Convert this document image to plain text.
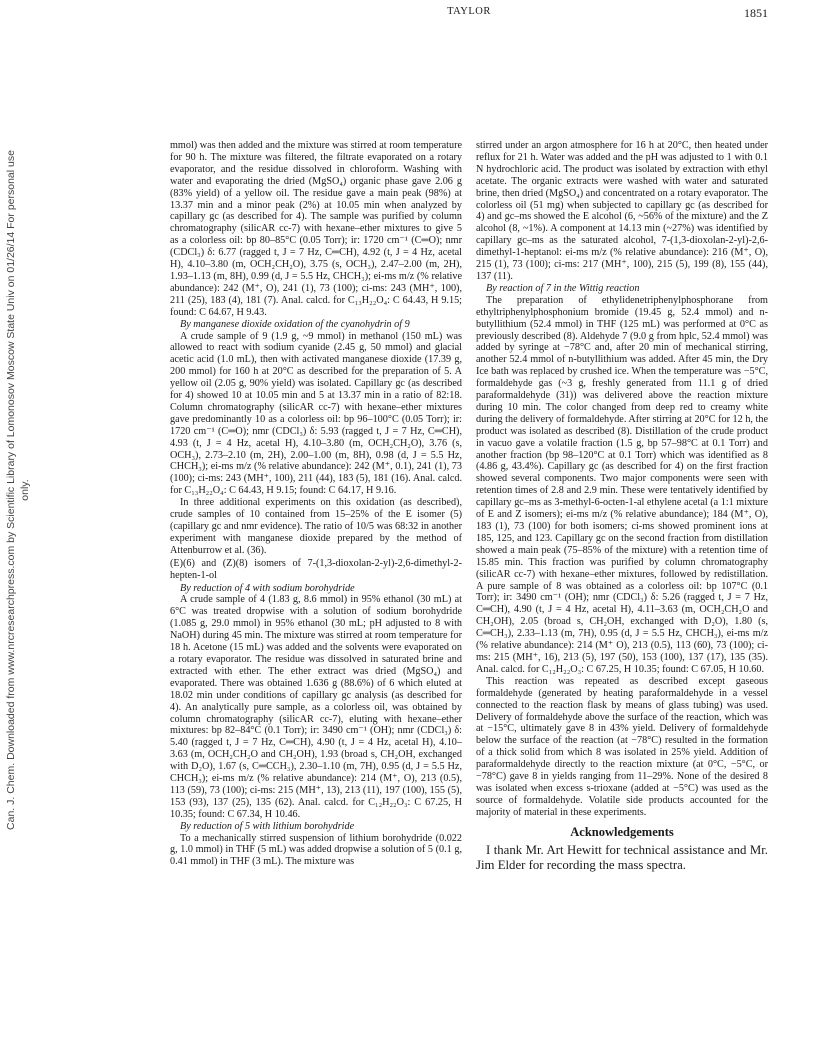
Can. J. Chem. Downloaded from www.nrcresearchpress.com by Scientific Library of Lomonosov Moscow State Univ on 01/26/14 For personal use only.
TAYLOR	1851

mmol) was then added and the mixture was stirred at room temperature for 90 h. The mixture was filtered, the filtrate evaporated on a rotary evaporator, and the residue dissolved in chloroform. Washing with water and evaporating the dried (MgSO₄) organic phase gave 2.06 g (83% yield) of a yellow oil. The residue gave a main peak (98%) at 13.37 min and a minor peak (2%) at 10.05 min when analyzed by capillary gc (as described for 4). The sample was purified by column chromatography (silicAR cc-7) with hexane–ether mixtures to give 5 as a colorless oil: bp 80–85°C (0.05 Torr); ir: 1720 cm⁻¹ (C═O); nmr (CDCl₃) δ: 6.77 (ragged t, J = 7 Hz, C═CH), 4.92 (t, J = 4 Hz, acetal H), 4.10–3.80 (m, OCH₂CH₂O), 3.75 (s, OCH₃), 2.47–2.00 (m, 2H), 1.93–1.13 (m, 8H), 0.99 (d, J = 5.5 Hz, CHCH₃); ei-ms m/z (% relative abundance): 242 (M⁺, O), 241 (1), 73 (100); ci-ms: 243 (MH⁺, 100), 211 (25), 183 (4), 181 (7). Anal. calcd. for C₁₃H₂₂O₄: C 64.43, H 9.15; found: C 64.67, H 9.43.

By manganese dioxide oxidation of the cyanohydrin of 9

A crude sample of 9 (1.9 g, ~9 mmol) in methanol (150 mL) was allowed to react with sodium cyanide (2.45 g, 50 mmol) and glacial acetic acid (1.0 mL), then with activated manganese dioxide (17.39 g, 200 mmol) for 160 h at 20°C as described for the preparation of 5. A yellow oil (2.05 g, 90% yield) was isolated. Capillary gc (as described for 4) showed 10 at 10.05 min and 5 at 13.37 min in a ratio of 82:18. Column chromatography (silicAR cc-7) with hexane–ether mixtures gave predominantly 10 as a colorless oil: bp 96–100°C (0.05 Torr); ir: 1720 cm⁻¹ (C═O); nmr (CDCl₃) δ: 5.93 (ragged t, J = 7 Hz, C═CH), 4.93 (t, J = 4 Hz, acetal H), 4.10–3.80 (m, OCH₂CH₂O), 3.76 (s, OCH₃), 2.73–2.10 (m, 2H), 2.00–1.00 (m, 8H), 0.98 (d, J = 5.5 Hz, CHCH₃); ei-ms m/z (% relative abundance): 242 (M⁺, 0.1), 241 (1), 73 (100); ci-ms: 243 (MH⁺, 100), 211 (44), 183 (5), 181 (16). Anal. calcd. for C₁₃H₂₂O₄: C 64.43, H 9.15; found: C 64.17, H 9.16.

In three additional experiments on this oxidation (as described), crude samples of 10 contained from 15–25% of the E isomer (5) (capillary gc and nmr evidence). The ratio of 10/5 was 68:32 in another experiment with manganese dioxide prepared by the method of Attenburrow et al. (36).

(E)(6) and (Z)(8) isomers of 7-(1,3-dioxolan-2-yl)-2,6-dimethyl-2-hepten-1-ol

By reduction of 4 with sodium borohydride

A crude sample of 4 (1.83 g, 8.6 mmol) in 95% ethanol (30 mL) at 6°C was treated dropwise with a solution of sodium borohydride (1.085 g, 29.0 mmol) in 95% ethanol (30 mL; pH adjusted to 8 with NaOH) during 45 min. The mixture was stirred at room temperature for 18 h. Acetone (15 mL) was added and the solvents were evaporated on a rotary evaporator. The residue was dissolved in saturated brine and extracted with ether. The ether extract was dried (MgSO₄) and evaporated. There was obtained 1.636 g (88.6%) of 6 which eluted at 18.02 min under conditions of capillary gc analysis (as described for 4). An analytically pure sample, as a colorless oil, was obtained by column chromatography (silicAR cc-7), eluting with hexane–ether mixtures: bp 82–84°C (0.1 Torr); ir: 3490 cm⁻¹ (OH); nmr (CDCl₃) δ: 5.40 (ragged t, J = 7 Hz, C═CH), 4.90 (t, J = 4 Hz, acetal H), 4.10–3.63 (m, OCH₂CH₂O and CH₂OH), 1.93 (broad s, CH₂OH, exchanged with D₂O), 1.67 (s, C═CCH₃), 2.30–1.10 (m, 7H), 0.95 (d, J = 5.5 Hz, CHCH₃); ei-ms m/z (% relative abundance): 214 (M⁺, O), 213 (0.5), 113 (59), 73 (100); ci-ms: 215 (MH⁺, 13), 213 (11), 197 (100), 155 (5), 153 (93), 137 (25), 135 (62). Anal. calcd. for C₁₂H₂₂O₃: C 67.25, H 10.35; found: C 67.34, H 10.46.

By reduction of 5 with lithium borohydride

To a mechanically stirred suspension of lithium borohydride (0.022 g, 1.0 mmol) in THF (5 mL) was added dropwise a solution of 5 (0.1 g, 0.41 mmol) in THF (3 mL). The mixture was

stirred under an argon atmosphere for 16 h at 20°C, then heated under reflux for 21 h. Water was added and the pH was adjusted to 1 with 0.1 N hydrochloric acid. The product was isolated by extraction with ethyl acetate. The organic extracts were washed with water and saturated brine, then dried (MgSO₄) and concentrated on a rotary evaporator. The colorless oil (51 mg) when subjected to capillary gc (as described for 4) and gc–ms showed the E alcohol (6, ~56% of the mixture) and the Z alcohol (8, ~1%). A component at 14.13 min (~27%) was identified by capillary gc–ms as the saturated alcohol, 7-(1,3-dioxolan-2-yl)-2,6-dimethyl-1-heptanol: ei-ms m/z (% relative abundance): 216 (M⁺, O), 215 (1), 73 (100); ci-ms: 217 (MH⁺, 100), 215 (5), 199 (8), 155 (44), 137 (11).

By reaction of 7 in the Wittig reaction

The preparation of ethylidenetriphenylphosphorane from ethyltriphenylphosphonium bromide (19.45 g, 52.4 mmol) and n-butyllithium (52.4 mmol) in THF (125 mL) was performed at 0°C as previously described (8). Aldehyde 7 (9.0 g from hplc, 52.4 mmol) was added by syringe at −78°C and, after 20 min of mechanical stirring, another 52.4 mmol of n-butyllithium was added. After 45 min, the Dry Ice bath was replaced by crushed ice. When the temperature was −5°C, formaldehyde gas (~3 g, freshly generated from 11.1 g of dried paraformaldehyde (31)) was delivered above the reaction mixture during 10 min. The color changed from deep red to creamy white during the delivery of formaldehyde. After stirring at 20°C for 12 h, the product was isolated as described (8). Distillation of the crude product in vacuo gave a volatile fraction (1.5 g, bp 57–98°C at 0.1 Torr) and another fraction (bp 98–120°C at 0.1 Torr) which was identified as 8 (4.86 g, 43.4%). Capillary gc (as described for 4) on the first fraction showed several components. Two major components were seen with retention times of 2.8 and 2.9 min. These were tentatively identified by capillary gc–ms as 3-methyl-6-octen-1-al ethylene acetal (a 1:1 mixture of E and Z isomers); ei-ms m/z (% relative abundance); 184 (M⁺, O), 183 (1), 73 (100) for both isomers; ci-ms showed prominent ions at 185, 125, and 123. Capillary gc on the second fraction from distillation showed a main peak (75–85% of the mixture) with a retention time of 15.85 min. This fraction was purified by column chromatography (silicAR cc-7) with hexane–ether mixtures, followed by redistillation. A pure sample of 8 was obtained as a colorless oil: bp 107°C (0.1 Torr); ir: 3490 cm⁻¹ (OH); nmr (CDCl₃) δ: 5.26 (ragged t, J = 7 Hz, C═CH), 4.90 (t, J = 4 Hz, acetal H), 4.11–3.63 (m, OCH₂CH₂O and CH₂OH), 2.05 (broad s, CH₂OH, exchanged with D₂O), 1.80 (s, C═CH₃), 2.33–1.13 (m, 7H), 0.95 (d, J = 5.5 Hz, CHCH₃), ei-ms m/z (% relative abundance): 214 (M⁺ O), 213 (0.5), 113 (60), 73 (100); ci-ms: 215 (MH⁺, 16), 213 (5), 197 (50), 153 (100), 137 (17), 135 (35). Anal. calcd. for C₁₂H₂₂O₃: C 67.25, H 10.35; found: C 67.05, H 10.60.

This reaction was repeated as described except gaseous formaldehyde (generated by heating paraformaldehyde in a vessel connected to the reaction flask by means of glass tubing) was used. Delivery of formaldehyde above the surface of the reaction, which was at −15°C, ultimately gave 8 in 43% yield. Delivery of formaldehyde below the surface of the reaction (at −78°C) resulted in the formation of a thick solid from which 8 was isolated in 25% yield. Addition of paraformaldehyde directly to the reaction mixture (at 0°C, −5°C, or −78°C) gave 8 in yields ranging from 11–29%. None of the desired 8 was isolated when excess s-trioxane (added at −5°C) was used as the source of formaldehyde. Volatile side products accounted for the majority of material in these experiments.

Acknowledgements

I thank Mr. Art Hewitt for technical assistance and Mr. Jim Elder for recording the mass spectra.
